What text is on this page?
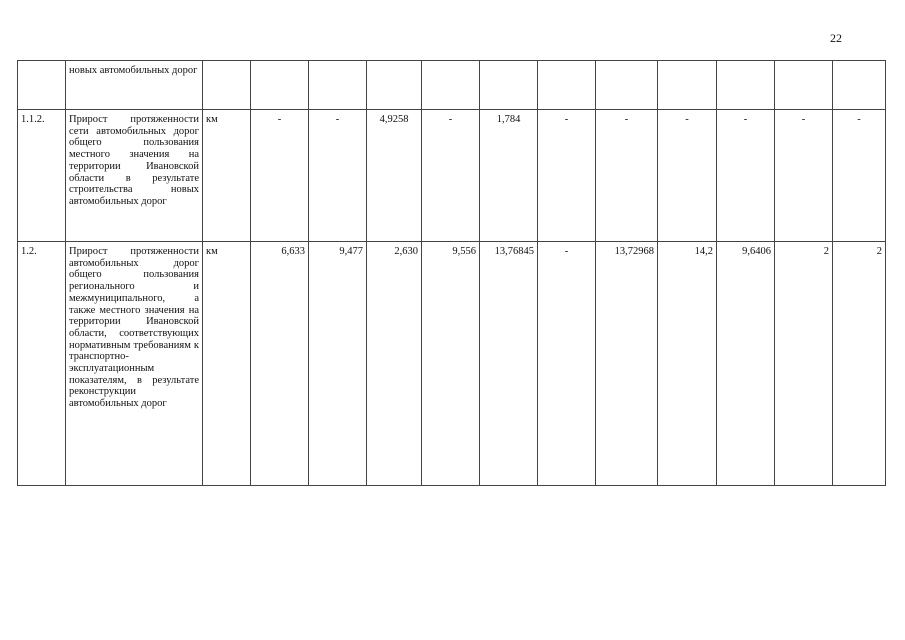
22
	новых автомобильных дорог												
1.1.2.	Прирост протяженности сети автомобильных дорог общего пользования местного значения на территории Ивановской области в результате строительства новых автомобильных дорог	км	-	-	4,9258	-	1,784	-	-	-	-	-	-
1.2.	Прирост протяженности автомобильных дорог общего пользования регионального и межмуниципального, а также местного значения на территории Ивановской области, соответствующих нормативным требованиям к транспортно-эксплуатационным показателям, в результате реконструкции автомобильных дорог	км	6,633	9,477	2,630	9,556	13,76845	-	13,72968	14,2	9,6406	2	2
